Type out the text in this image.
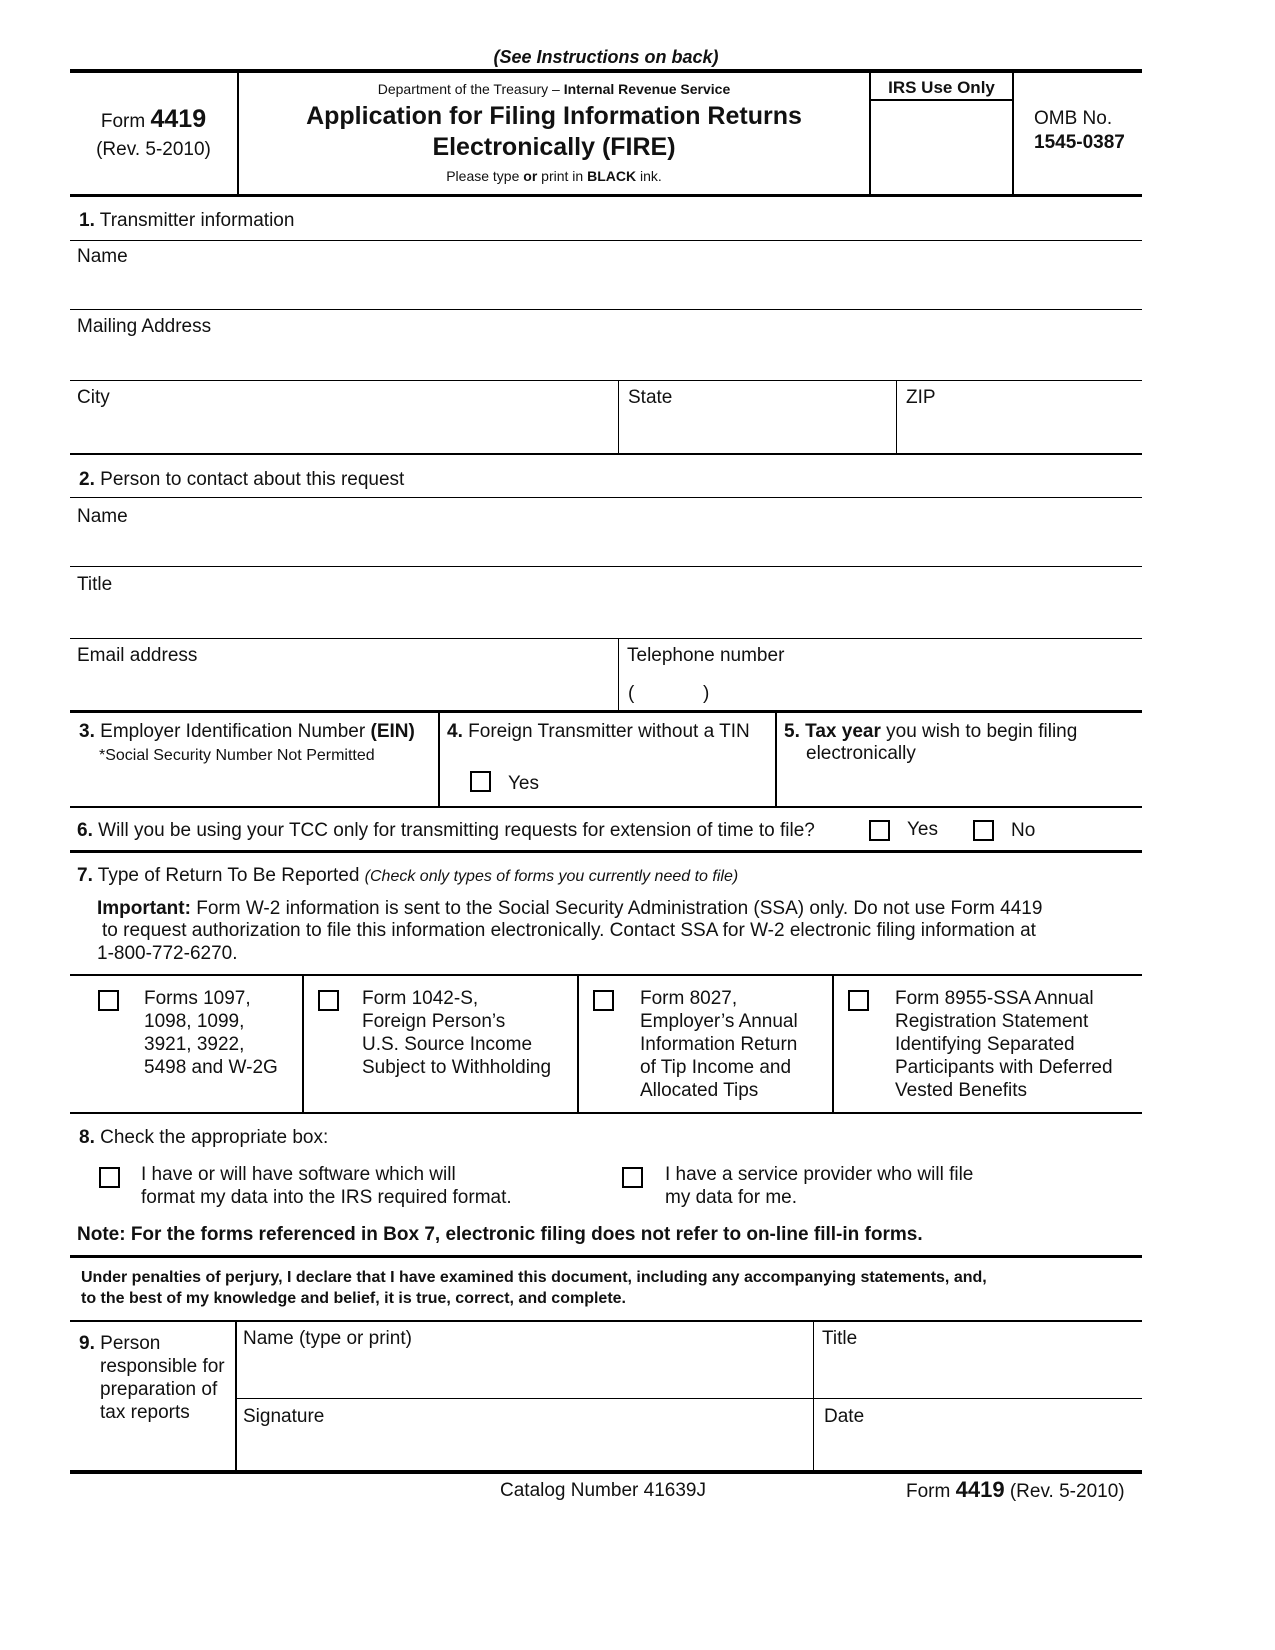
(See Instructions on back)
Form 4419
(Rev. 5-2010)
Department of the Treasury – Internal Revenue Service
Application for Filing Information Returns
Electronically (FIRE)
Please type or print in BLACK ink.
IRS Use Only
OMB No.
1545-0387
1. Transmitter information
Name
Mailing Address
City	State	ZIP
2. Person to contact about this request
Name
Title
Email address	Telephone number
(	)
3. Employer Identification Number (EIN)
*Social Security Number Not Permitted
4. Foreign Transmitter without a TIN
Yes
5. Tax year you wish to begin filing
electronically
6. Will you be using your TCC only for transmitting requests for extension of time to file?	Yes	No
7. Type of Return To Be Reported (Check only types of forms you currently need to file)
Important: Form W-2 information is sent to the Social Security Administration (SSA) only. Do not use Form 4419
to request authorization to file this information electronically. Contact SSA for W-2 electronic filing information at
1-800-772-6270.
Forms 1097,
1098, 1099,
3921, 3922,
5498 and W-2G
Form 1042-S,
Foreign Person’s
U.S. Source Income
Subject to Withholding
Form 8027,
Employer’s Annual
Information Return
of Tip Income and
Allocated Tips
Form 8955-SSA Annual
Registration Statement
Identifying Separated
Participants with Deferred
Vested Benefits
8. Check the appropriate box:
I have or will have software which will
format my data into the IRS required format.
I have a service provider who will file
my data for me.
Note: For the forms referenced in Box 7, electronic filing does not refer to on-line fill-in forms.
Under penalties of perjury, I declare that I have examined this document, including any accompanying statements, and,
to the best of my knowledge and belief, it is true, correct, and complete.
9. Person
responsible for
preparation of
tax reports
Name (type or print)	Title
Signature	Date
Catalog Number 41639J	Form 4419 (Rev. 5-2010)
